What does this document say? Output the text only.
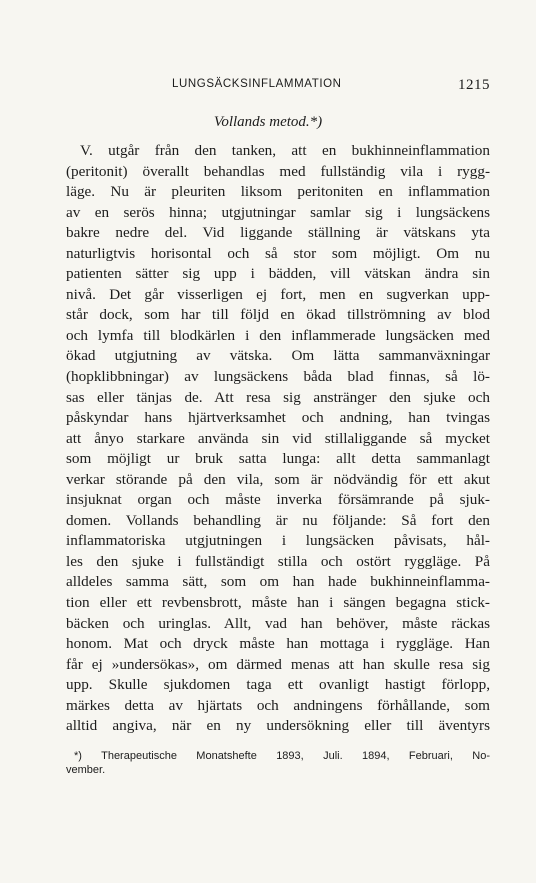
LUNGSÄCKSINFLAMMATION	1215
Vollands metod.*)
V. utgår från den tanken, att en bukhinneinflammation
(peritonit) överallt behandlas med fullständig vila i rygg-
läge. Nu är pleuriten liksom peritoniten en inflammation
av en serös hinna; utgjutningar samlar sig i lungsäckens
bakre nedre del. Vid liggande ställning är vätskans yta
naturligtvis horisontal och så stor som möjligt. Om nu
patienten sätter sig upp i bädden, vill vätskan ändra sin
nivå. Det går visserligen ej fort, men en sugverkan upp-
står dock, som har till följd en ökad tillströmning av blod
och lymfa till blodkärlen i den inflammerade lungsäcken med
ökad utgjutning av vätska. Om lätta sammanväxningar
(hopklibbningar) av lungsäckens båda blad finnas, så lö-
sas eller tänjas de. Att resa sig anstränger den sjuke och
påskyndar hans hjärtverksamhet och andning, han tvingas
att ånyo starkare använda sin vid stillaliggande så mycket
som möjligt ur bruk satta lunga: allt detta sammanlagt
verkar störande på den vila, som är nödvändig för ett akut
insjuknat organ och måste inverka försämrande på sjuk-
domen. Vollands behandling är nu följande: Så fort den
inflammatoriska utgjutningen i lungsäcken påvisats, hål-
les den sjuke i fullständigt stilla och ostört ryggläge. På
alldeles samma sätt, som om han hade bukhinneinflamma-
tion eller ett revbensbrott, måste han i sängen begagna stick-
bäcken och uringlas. Allt, vad han behöver, måste räckas
honom. Mat och dryck måste han mottaga i ryggläge. Han
får ej »undersökas», om därmed menas att han skulle resa sig
upp. Skulle sjukdomen taga ett ovanligt hastigt förlopp,
märkes detta av hjärtats och andningens förhållande, som
alltid angiva, när en ny undersökning eller till äventyrs
*) Therapeutische Monatshefte 1893, Juli. 1894, Februari, No-
vember.
